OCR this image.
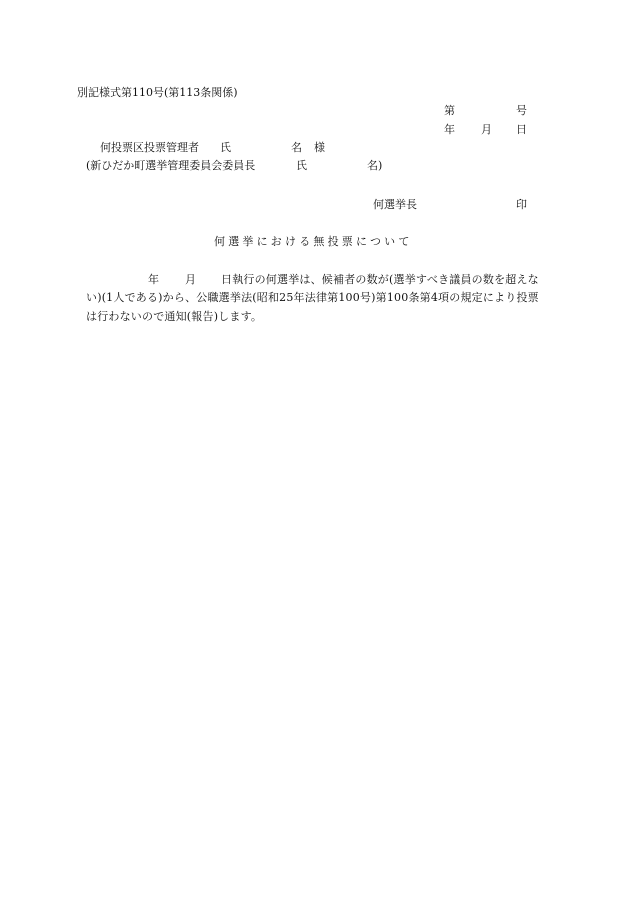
別記様式第110号(第113条関係)
第	号
年 月 日
何投票区投票管理者 氏	名 様
(新ひだか町選挙管理委員会委員長	氏	名)
何選挙長	印
何選挙における無投票について
年 月 日執行の何選挙は、候補者の数が(選挙すべき議員の数を超えな
い)(1人である)から、公職選挙法(昭和25年法律第100号)第100条第4項の規定により投票
は行わないので通知(報告)します。
